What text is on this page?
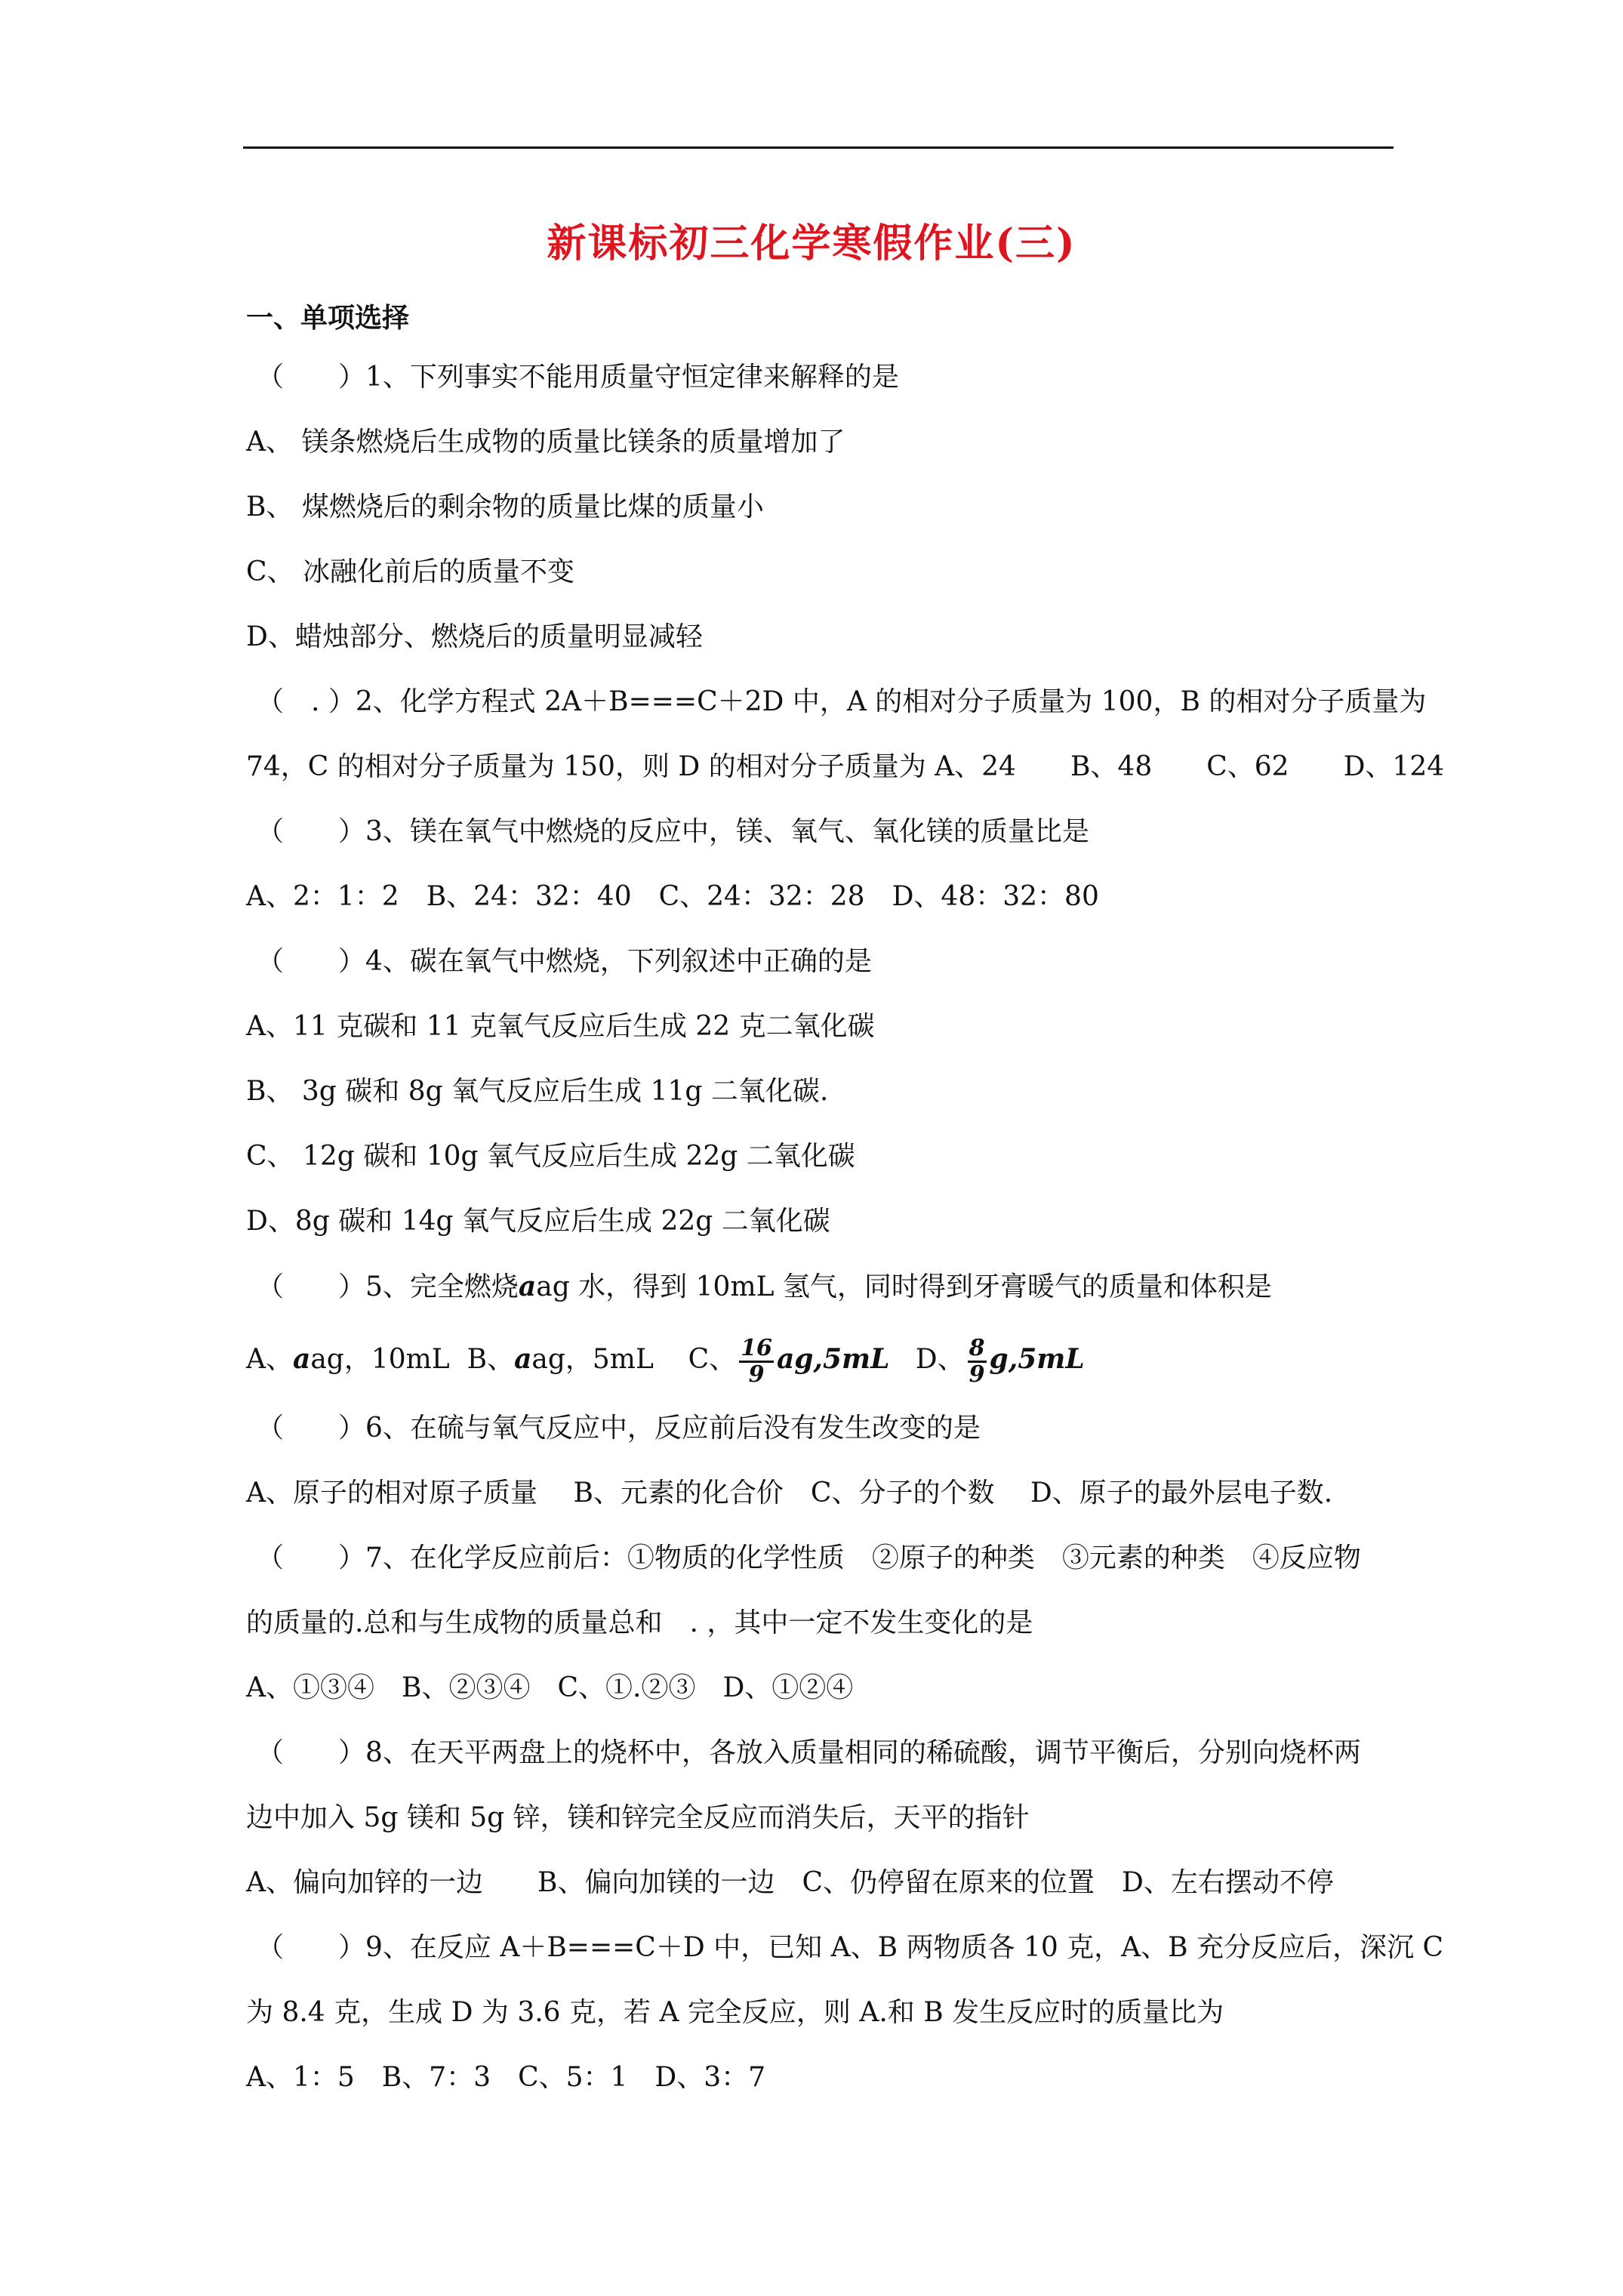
新课标初三化学寒假作业(三)
一、单项选择
（　　）1、下列事实不能用质量守恒定律来解释的是
A、 镁条燃烧后生成物的质量比镁条的质量增加了
B、 煤燃烧后的剩余物的质量比煤的质量小
C、 冰融化前后的质量不变
D、蜡烛部分、燃烧后的质量明显减轻
（　. ）2、化学方程式 2A＋B===C＋2D 中，A 的相对分子质量为 100，B 的相对分子质量为
74，C 的相对分子质量为 150，则 D 的相对分子质量为 A、24　　B、48　　C、62　　D、124
（　　）3、镁在氧气中燃烧的反应中，镁、氧气、氧化镁的质量比是
A、2：1：2　B、24：32：40　C、24：32：28　D、48：32：80
（　　）4、碳在氧气中燃烧，下列叙述中正确的是
A、11 克碳和 11 克氧气反应后生成 22 克二氧化碳
B、 3g 碳和 8g 氧气反应后生成 11g 二氧化碳.
C、 12g 碳和 10g 氧气反应后生成 22g 二氧化碳
D、8g 碳和 14g 氧气反应后生成 22g 二氧化碳
（　　）5、完全燃烧aag 水，得到 10mL 氢气，同时得到牙膏暖气的质量和体积是
A、aag，10mL B、aag，5mL C、 $\frac{16}{9} ag,5mL$ D、 $\frac{8}{9} g,5mL$
（　　）6、在硫与氧气反应中，反应前后没有发生改变的是
A、原子的相对原子质量　 B、元素的化合价　C、分子的个数　 D、原子的最外层电子数.
（　　）7、在化学反应前后：①物质的化学性质　②原子的种类　③元素的种类　④反应物
的质量的.总和与生成物的质量总和　. ，其中一定不发生变化的是
A、①③④　B、②③④　C、①.②③　D、①②④
（　　）8、在天平两盘上的烧杯中，各放入质量相同的稀硫酸，调节平衡后，分别向烧杯两
边中加入 5g 镁和 5g 锌，镁和锌完全反应而消失后，天平的指针
A、偏向加锌的一边　　B、偏向加镁的一边　C、仍停留在原来的位置　D、左右摆动不停
（　　）9、在反应 A＋B===C＋D 中，已知 A、B 两物质各 10 克，A、B 充分反应后，深沉 C
为 8.4 克，生成 D 为 3.6 克，若 A 完全反应，则 A.和 B 发生反应时的质量比为
A、1：5　B、7：3　C、5：1　D、3：7
